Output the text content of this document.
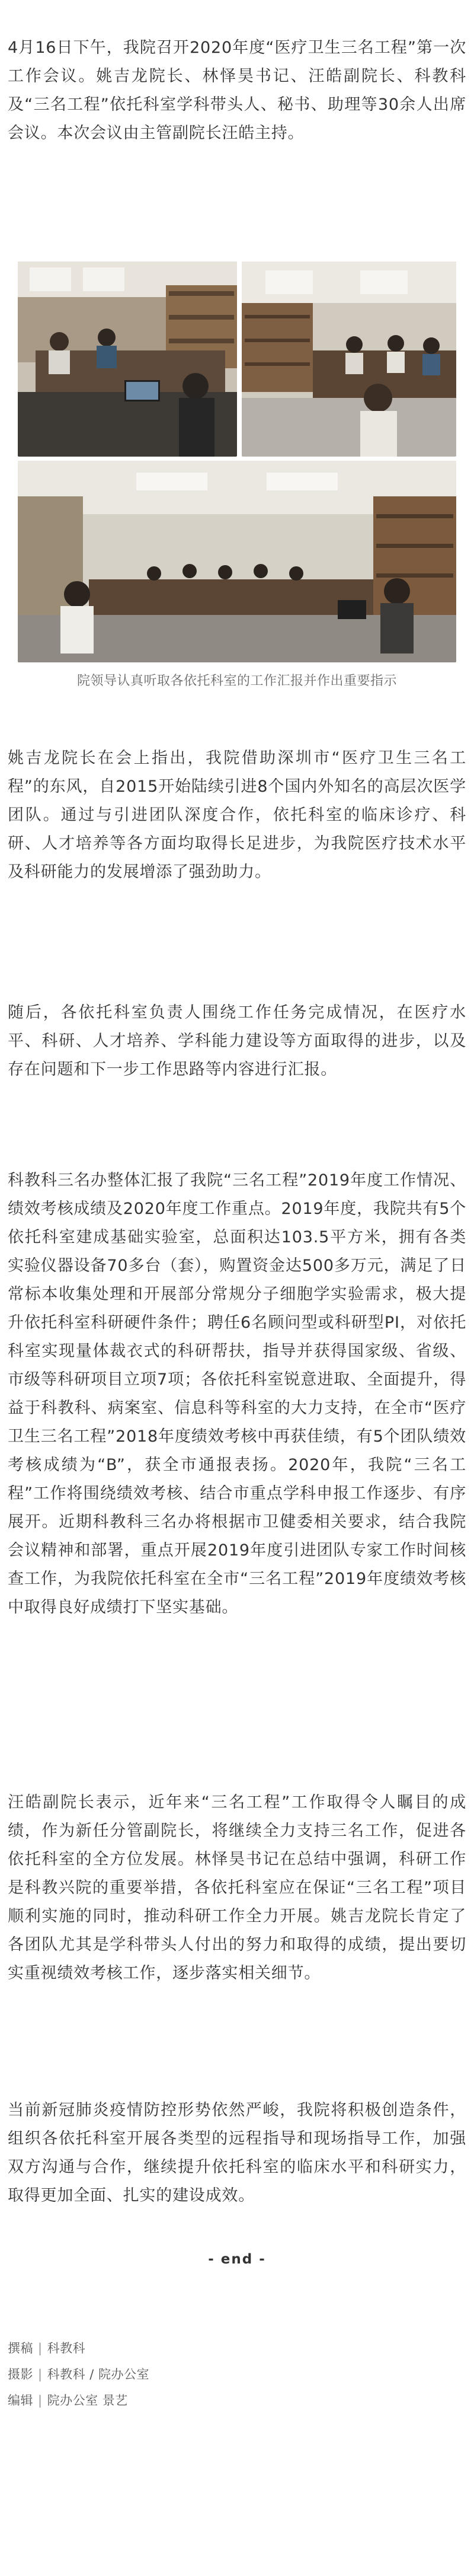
4月16日下午，我院召开2020年度“医疗卫生三名工程”第一次工作会议。姚吉龙院长、林怿昊书记、汪皓副院长、科教科及“三名工程”依托科室学科带头人、秘书、助理等30余人出席会议。本次会议由主管副院长汪皓主持。

院领导认真听取各依托科室的工作汇报并作出重要指示

姚吉龙院长在会上指出，我院借助深圳市“医疗卫生三名工程”的东风，自2015开始陆续引进8个国内外知名的高层次医学团队。通过与引进团队深度合作，依托科室的临床诊疗、科研、人才培养等各方面均取得长足进步，为我院医疗技术水平及科研能力的发展增添了强劲助力。

随后，各依托科室负责人围绕工作任务完成情况，在医疗水平、科研、人才培养、学科能力建设等方面取得的进步，以及存在问题和下一步工作思路等内容进行汇报。

科教科三名办整体汇报了我院“三名工程”2019年度工作情况、绩效考核成绩及2020年度工作重点。2019年度，我院共有5个依托科室建成基础实验室，总面积达103.5平方米，拥有各类实验仪器设备70多台（套），购置资金达500多万元，满足了日常标本收集处理和开展部分常规分子细胞学实验需求，极大提升依托科室科研硬件条件；聘任6名顾问型或科研型PI，对依托科室实现量体裁衣式的科研帮扶，指导并获得国家级、省级、市级等科研项目立项7项；各依托科室锐意进取、全面提升，得益于科教科、病案室、信息科等科室的大力支持，在全市“医疗卫生三名工程”2018年度绩效考核中再获佳绩，有5个团队绩效考核成绩为“B”，获全市通报表扬。2020年，我院“三名工程”工作将围绕绩效考核、结合市重点学科申报工作逐步、有序展开。近期科教科三名办将根据市卫健委相关要求，结合我院会议精神和部署，重点开展2019年度引进团队专家工作时间核查工作，为我院依托科室在全市“三名工程”2019年度绩效考核中取得良好成绩打下坚实基础。

汪皓副院长表示，近年来“三名工程”工作取得令人瞩目的成绩，作为新任分管副院长，将继续全力支持三名工作，促进各依托科室的全方位发展。林怿昊书记在总结中强调，科研工作是科教兴院的重要举措，各依托科室应在保证“三名工程”项目顺利实施的同时，推动科研工作全力开展。姚吉龙院长肯定了各团队尤其是学科带头人付出的努力和取得的成绩，提出要切实重视绩效考核工作，逐步落实相关细节。

当前新冠肺炎疫情防控形势依然严峻，我院将积极创造条件，组织各依托科室开展各类型的远程指导和现场指导工作，加强双方沟通与合作，继续提升依托科室的临床水平和科研实力，取得更加全面、扎实的建设成效。

- end -
撰稿 | 科教科
摄影 | 科教科 / 院办公室
编辑 | 院办公室 景艺
